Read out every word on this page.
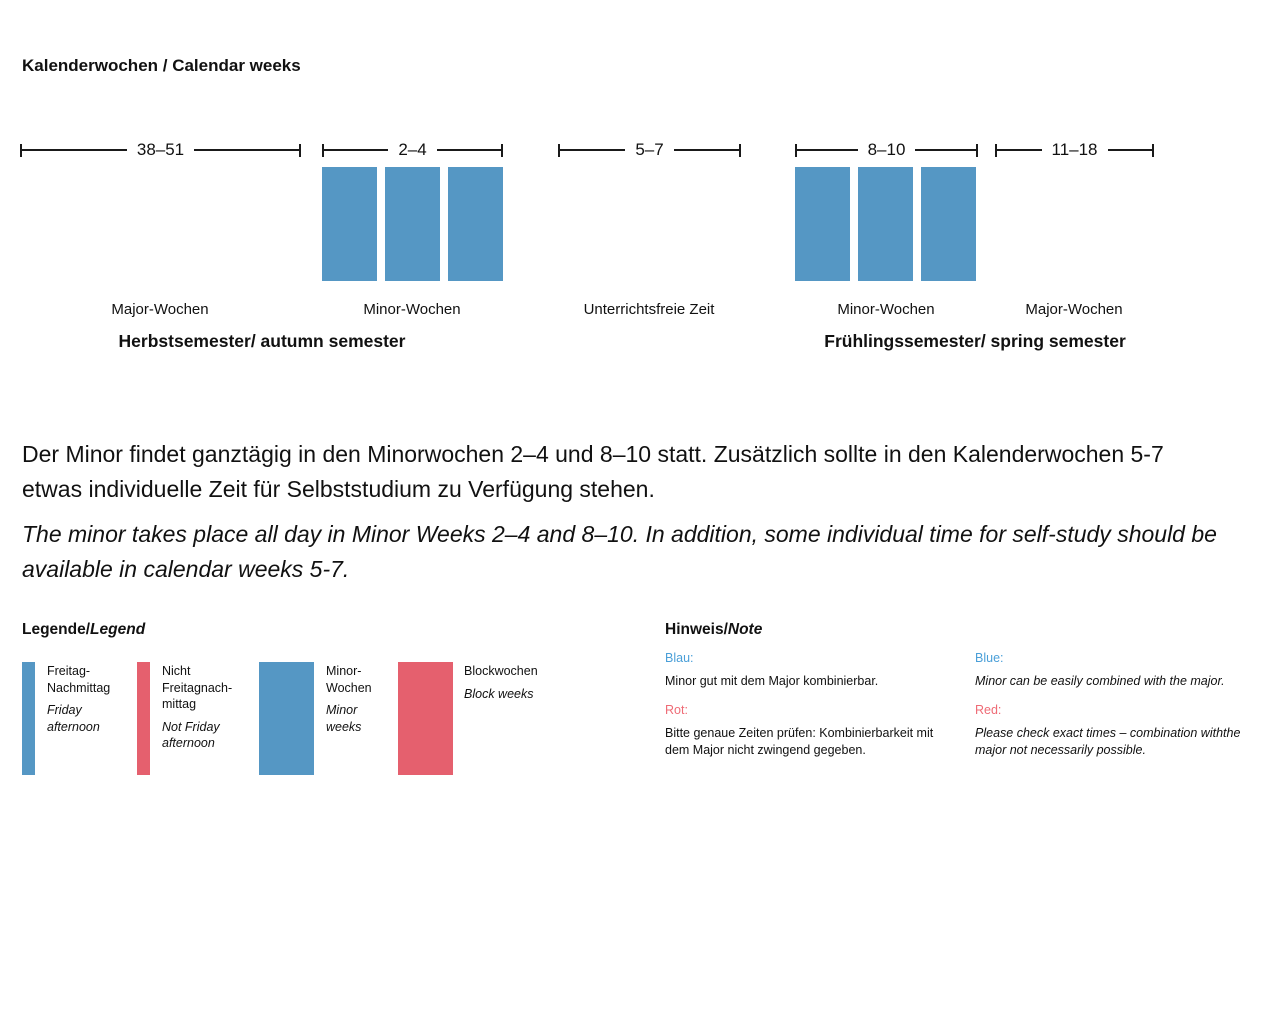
Kalenderwochen / Calendar weeks
38–51	2–4	5–7	8–10	11–18
Major-Wochen	Minor-Wochen	Unterrichtsfreie Zeit	Minor-Wochen	Major-Wochen
Herbstsemester/ autumn semester	Frühlingssemester/ spring semester

Der Minor findet ganztägig in den Minorwochen 2–4 und 8–10 statt. Zusätzlich sollte in den Kalenderwochen 5-7 etwas individuelle Zeit für Selbststudium zu Verfügung stehen.

The minor takes place all day in Minor Weeks 2–4 and 8–10. In addition, some individual time for self-study should be available in calendar weeks 5-7.

Legende/Legend
Freitag-Nachmittag
Friday afternoon
Nicht Freitagnach-mittag
Not Friday afternoon
Minor-Wochen
Minor weeks
Blockwochen
Block weeks
Hinweis/Note

Blau:

Minor gut mit dem Major kombinierbar.

Rot:

Bitte genaue Zeiten prüfen: Kombinierbarkeit mit dem Major nicht zwingend gegeben.

Blue:

Minor can be easily combined with the major.

Red:

Please check exact times – combination withthe major not necessarily possible.
